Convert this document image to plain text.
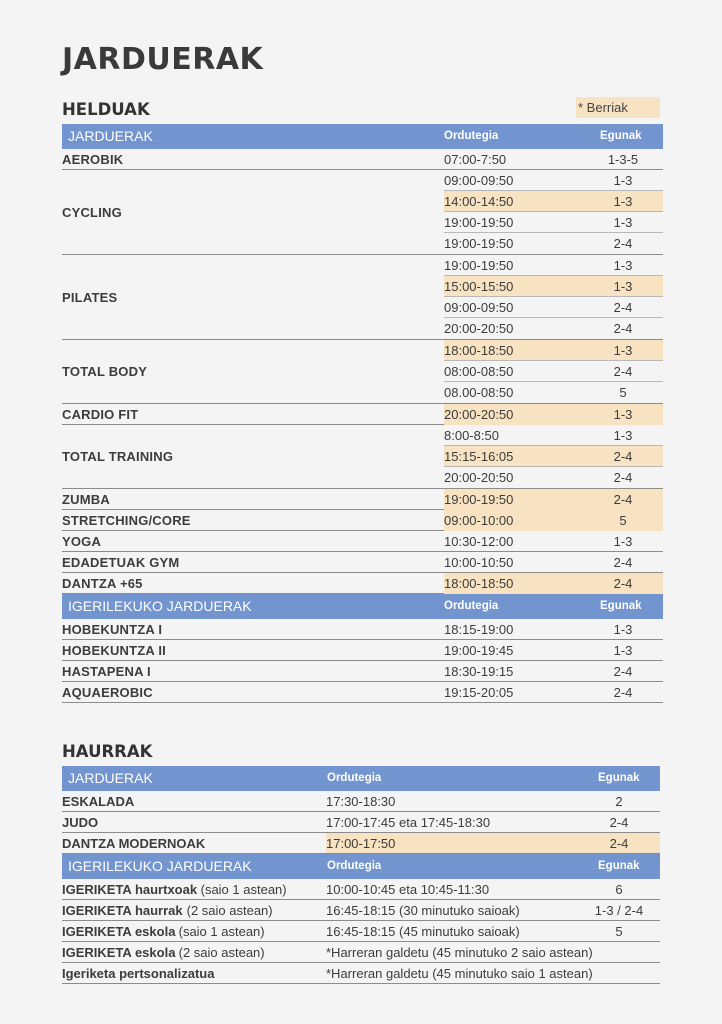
JARDUERAK
HELDUAK	* Berriak
JARDUERAK	Ordutegia	Egunak
AEROBIK	07:00-7:50	1-3-5
CYCLING
09:00-09:50	1-3
14:00-14:50	1-3
19:00-19:50	1-3
19:00-19:50	2-4
PILATES
19:00-19:50	1-3
15:00-15:50	1-3
09:00-09:50	2-4
20:00-20:50	2-4
TOTAL BODY
18:00-18:50	1-3
08:00-08:50	2-4
08.00-08:50	5
CARDIO FIT	20:00-20:50	1-3
TOTAL TRAINING
8:00-8:50	1-3
15:15-16:05	2-4
20:00-20:50	2-4
ZUMBA	19:00-19:50	2-4
STRETCHING/CORE	09:00-10:00	5
YOGA	10:30-12:00	1-3
EDADETUAK GYM	10:00-10:50	2-4
DANTZA +65	18:00-18:50	2-4
IGERILEKUKO JARDUERAK	Ordutegia	Egunak
HOBEKUNTZA I	18:15-19:00	1-3
HOBEKUNTZA II	19:00-19:45	1-3
HASTAPENA I	18:30-19:15	2-4
AQUAEROBIC	19:15-20:05	2-4
HAURRAK
JARDUERAK	Ordutegia	Egunak
ESKALADA	17:30-18:30	2
JUDO	17:00-17:45 eta 17:45-18:30	2-4
DANTZA MODERNOAK	17:00-17:50	2-4
IGERILEKUKO JARDUERAK	Ordutegia	Egunak
IGERIKETA haurtxoak (saio 1 astean)	10:00-10:45 eta 10:45-11:30	6
IGERIKETA haurrak (2 saio astean)	16:45-18:15 (30 minutuko saioak)	1-3 / 2-4
IGERIKETA eskola (saio 1 astean)	16:45-18:15 (45 minutuko saioak)	5
IGERIKETA eskola (2 saio astean)	*Harreran galdetu (45 minutuko 2 saio astean)
Igeriketa pertsonalizatua	*Harreran galdetu (45 minutuko saio 1 astean)
